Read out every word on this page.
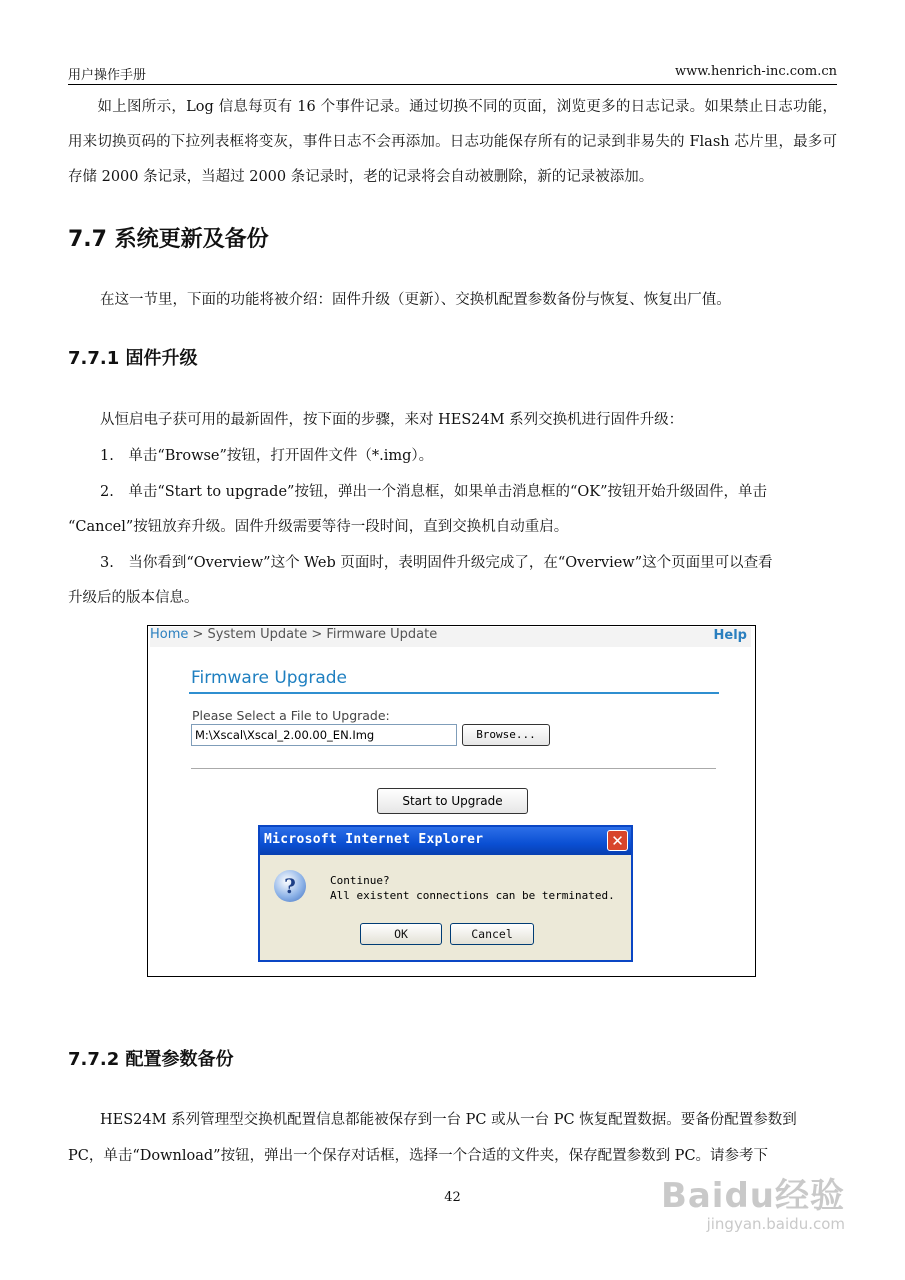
用户操作手册	www.henrich-inc.com.cn
　　如上图所示，Log 信息每页有 16 个事件记录。通过切换不同的页面，浏览更多的日志记录。如果禁止日志功能，用来切换页码的下拉列表框将变灰，事件日志不会再添加。日志功能保存所有的记录到非易失的 Flash 芯片里，最多可存储 2000 条记录，当超过 2000 条记录时，老的记录将会自动被删除，新的记录被添加。
7.7 系统更新及备份
在这一节里，下面的功能将被介绍：固件升级（更新）、交换机配置参数备份与恢复、恢复出厂值。
7.7.1 固件升级
从恒启电子获可用的最新固件，按下面的步骤，来对 HES24M 系列交换机进行固件升级：
1.　单击“Browse”按钮，打开固件文件（*.img）。
2.　单击“Start to upgrade”按钮，弹出一个消息框，如果单击消息框的“OK”按钮开始升级固件，单击
“Cancel”按钮放弃升级。固件升级需要等待一段时间，直到交换机自动重启。
3.　当你看到“Overview”这个 Web 页面时，表明固件升级完成了，在“Overview”这个页面里可以查看
升级后的版本信息。
Home > System Update > Firmware Update	Help
Firmware Upgrade
Please Select a File to Upgrade:
M:\Xscal\Xscal_2.00.00_EN.Img	Browse...
Start to Upgrade
Microsoft Internet Explorer	✕
?	Continue?
All existent connections can be terminated.
OK	Cancel
7.7.2 配置参数备份
HES24M 系列管理型交换机配置信息都能被保存到一台 PC 或从一台 PC 恢复配置数据。要备份配置参数到
PC，单击“Download”按钮，弹出一个保存对话框，选择一个合适的文件夹，保存配置参数到 PC。请参考下
42	Baidu经验
jingyan.baidu.com
